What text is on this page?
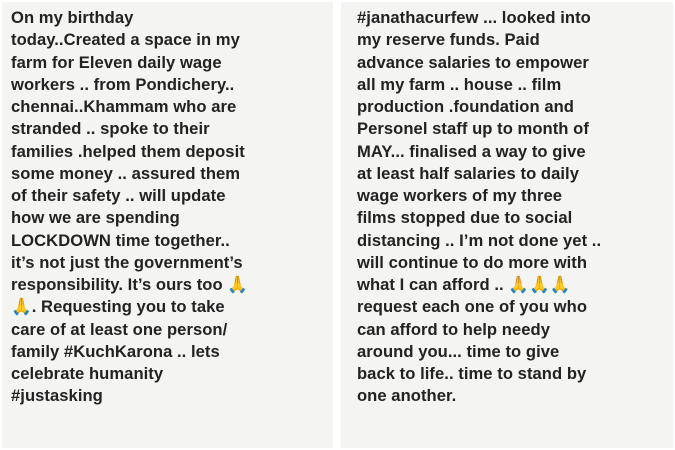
On my birthday
today..Created a space in my
farm for Eleven daily wage
workers .. from Pondichery..
chennai..Khammam who are
stranded .. spoke to their
families .helped them deposit
some money .. assured them
of their safety .. will update
how we are spending
LOCKDOWN time together..
it’s not just the government’s
responsibility. It’s ours too 🙏
🙏. Requesting you to take
care of at least one person/
family #KuchKarona .. lets
celebrate humanity
#justasking
#janathacurfew ... looked into
my reserve funds. Paid
advance salaries to empower
all my farm .. house .. film
production .foundation and
Personel staff up to month of
MAY... finalised a way to give
at least half salaries to daily
wage workers of my three
films stopped due to social
distancing .. I’m not done yet ..
will continue to do more with
what I can afford .. 🙏🙏🙏
request each one of you who
can afford to help needy
around you... time to give
back to life.. time to stand by
one another.
